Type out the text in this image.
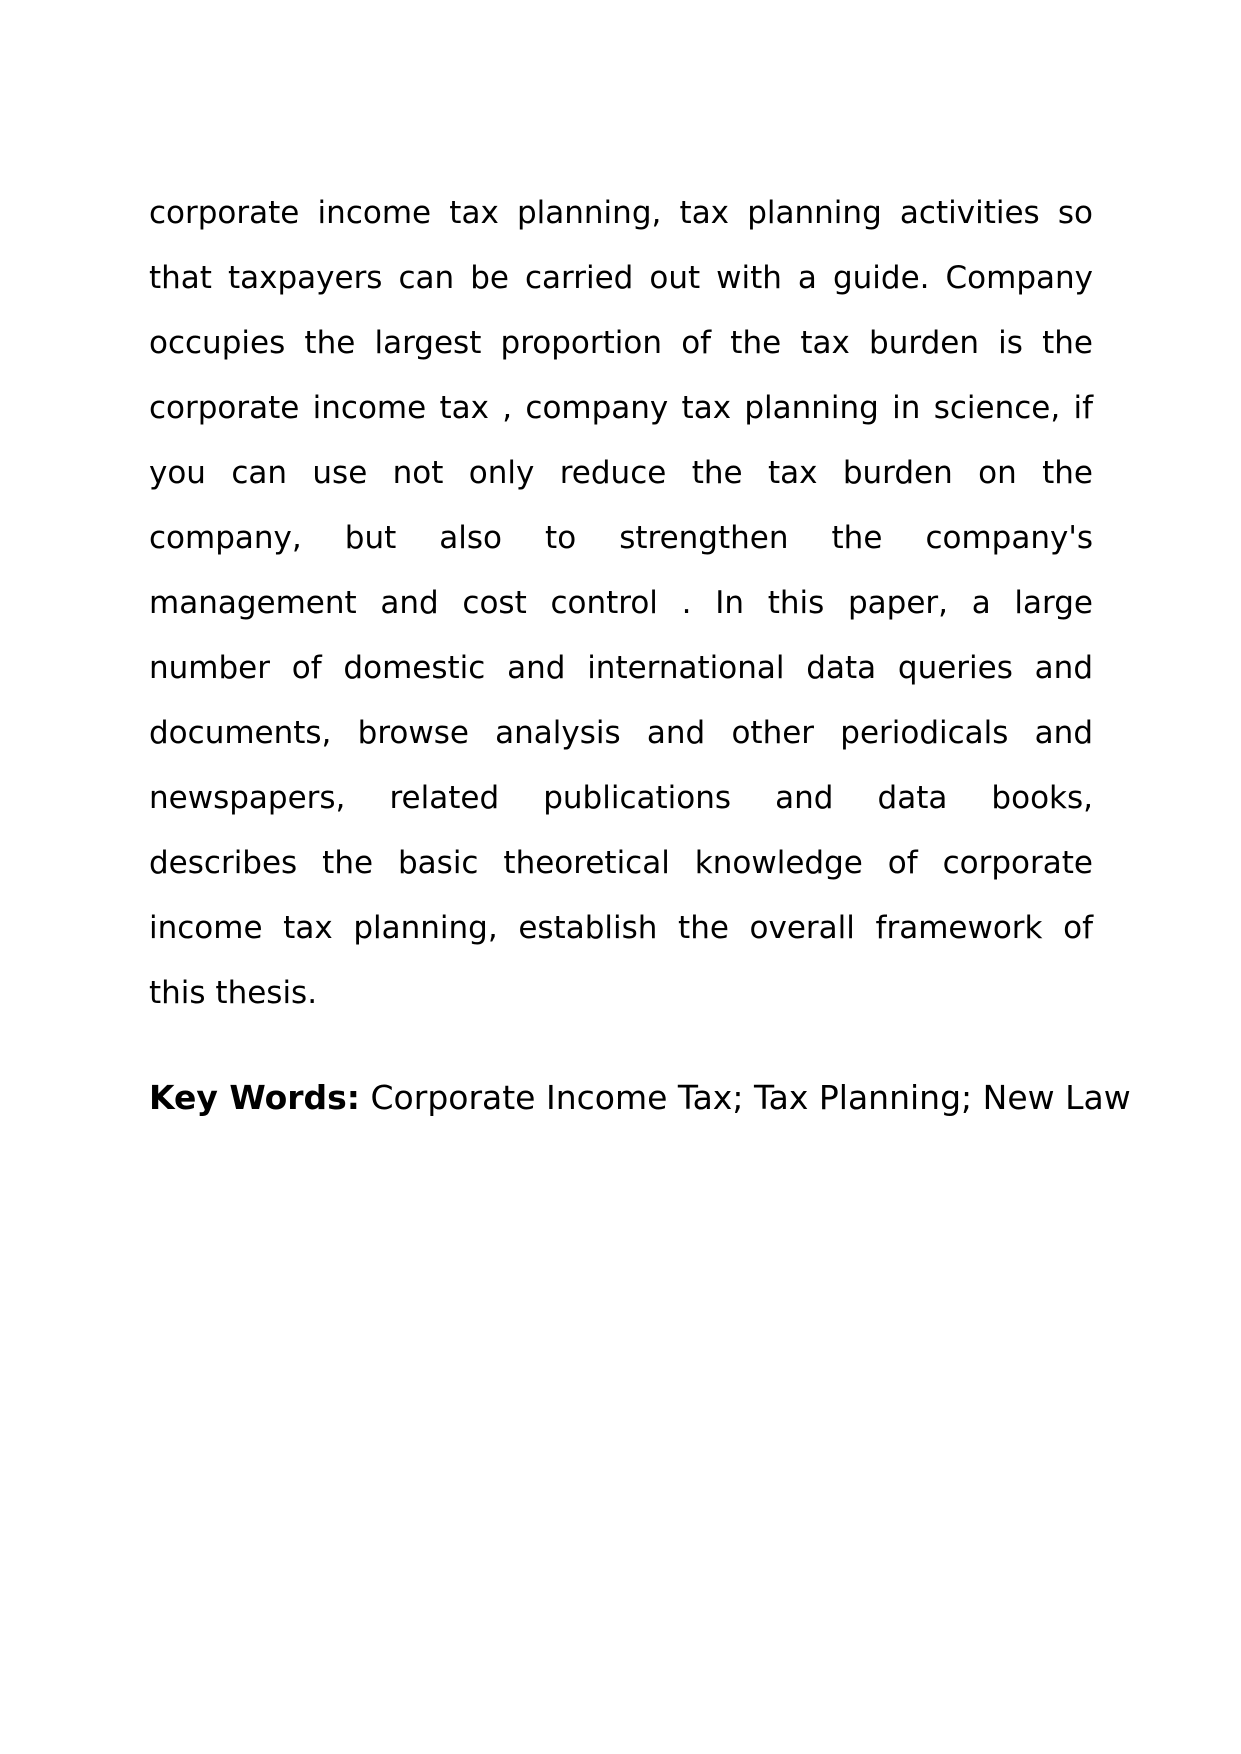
corporate income tax planning, tax planning activities so
that taxpayers can be carried out with a guide. Company
occupies the largest proportion of the tax burden is the
corporate income tax , company tax planning in science, if
you can use not only reduce the tax burden on the
company, but also to strengthen the company's
management and cost control . In this paper, a large
number of domestic and international data queries and
documents, browse analysis and other periodicals and
newspapers, related publications and data books,
describes the basic theoretical knowledge of corporate
income tax planning, establish the overall framework of
this thesis.

Key Words: Corporate Income Tax; Tax Planning; New Law
